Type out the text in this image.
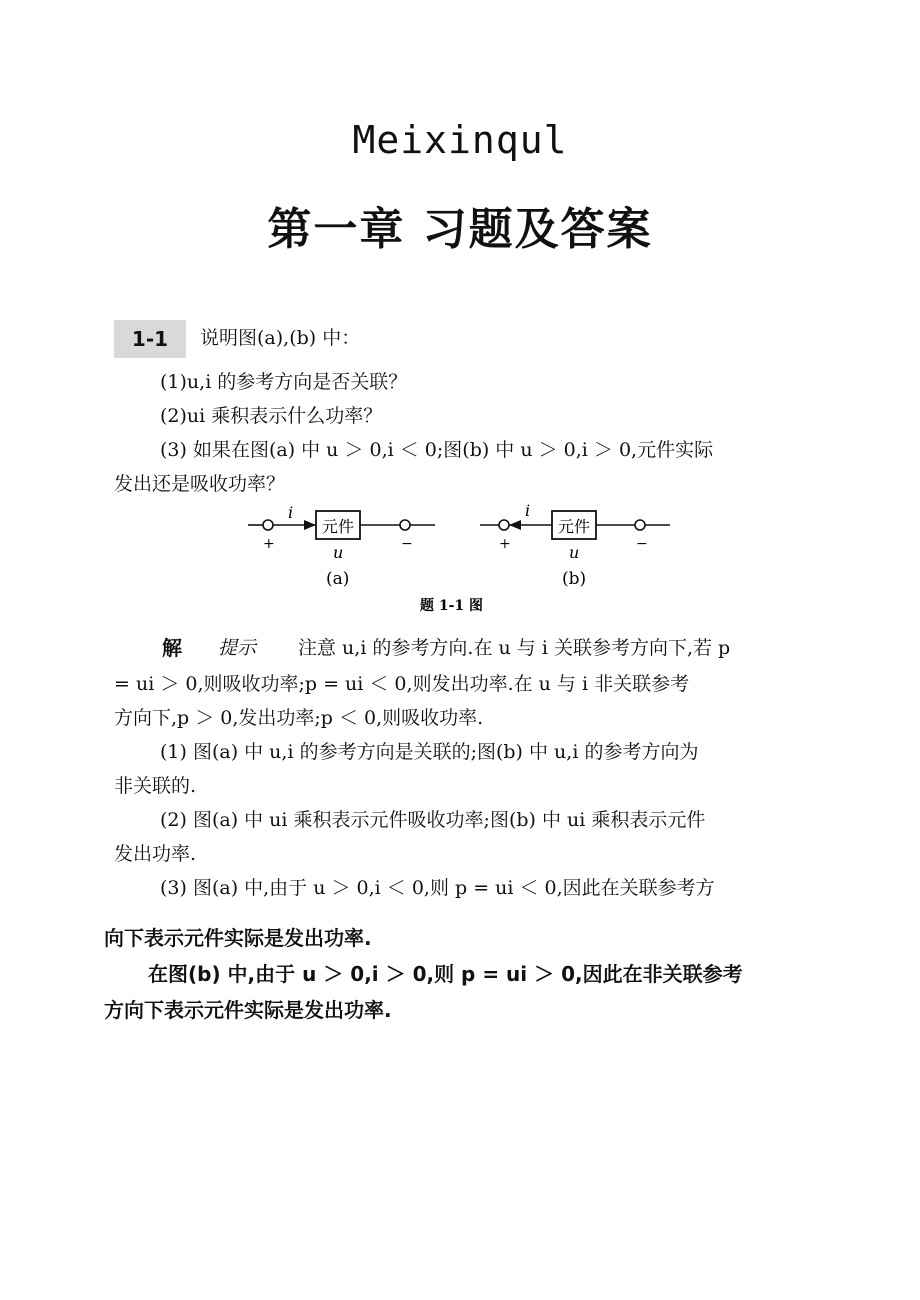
Meixinqul
第一章 习题及答案
1-1	说明图(a),(b) 中：
(1)u,i 的参考方向是否关联？
(2)ui 乘积表示什么功率？
(3) 如果在图(a) 中 u ＞ 0,i ＜ 0;图(b) 中 u ＞ 0,i ＞ 0,元件实际
发出还是吸收功率？
i
元件
+	−
u
(a)
i
元件
+	−
u
(b)
题 1-1 图
解 提示 注意 u,i 的参考方向.在 u 与 i 关联参考方向下,若 p
= ui ＞ 0,则吸收功率;p = ui ＜ 0,则发出功率.在 u 与 i 非关联参考
方向下,p ＞ 0,发出功率;p ＜ 0,则吸收功率.
(1) 图(a) 中 u,i 的参考方向是关联的;图(b) 中 u,i 的参考方向为
非关联的.
(2) 图(a) 中 ui 乘积表示元件吸收功率;图(b) 中 ui 乘积表示元件
发出功率.
(3) 图(a) 中,由于 u ＞ 0,i ＜ 0,则 p = ui ＜ 0,因此在关联参考方
向下表示元件实际是发出功率.
在图(b) 中,由于 u ＞ 0,i ＞ 0,则 p = ui ＞ 0,因此在非关联参考
方向下表示元件实际是发出功率.
